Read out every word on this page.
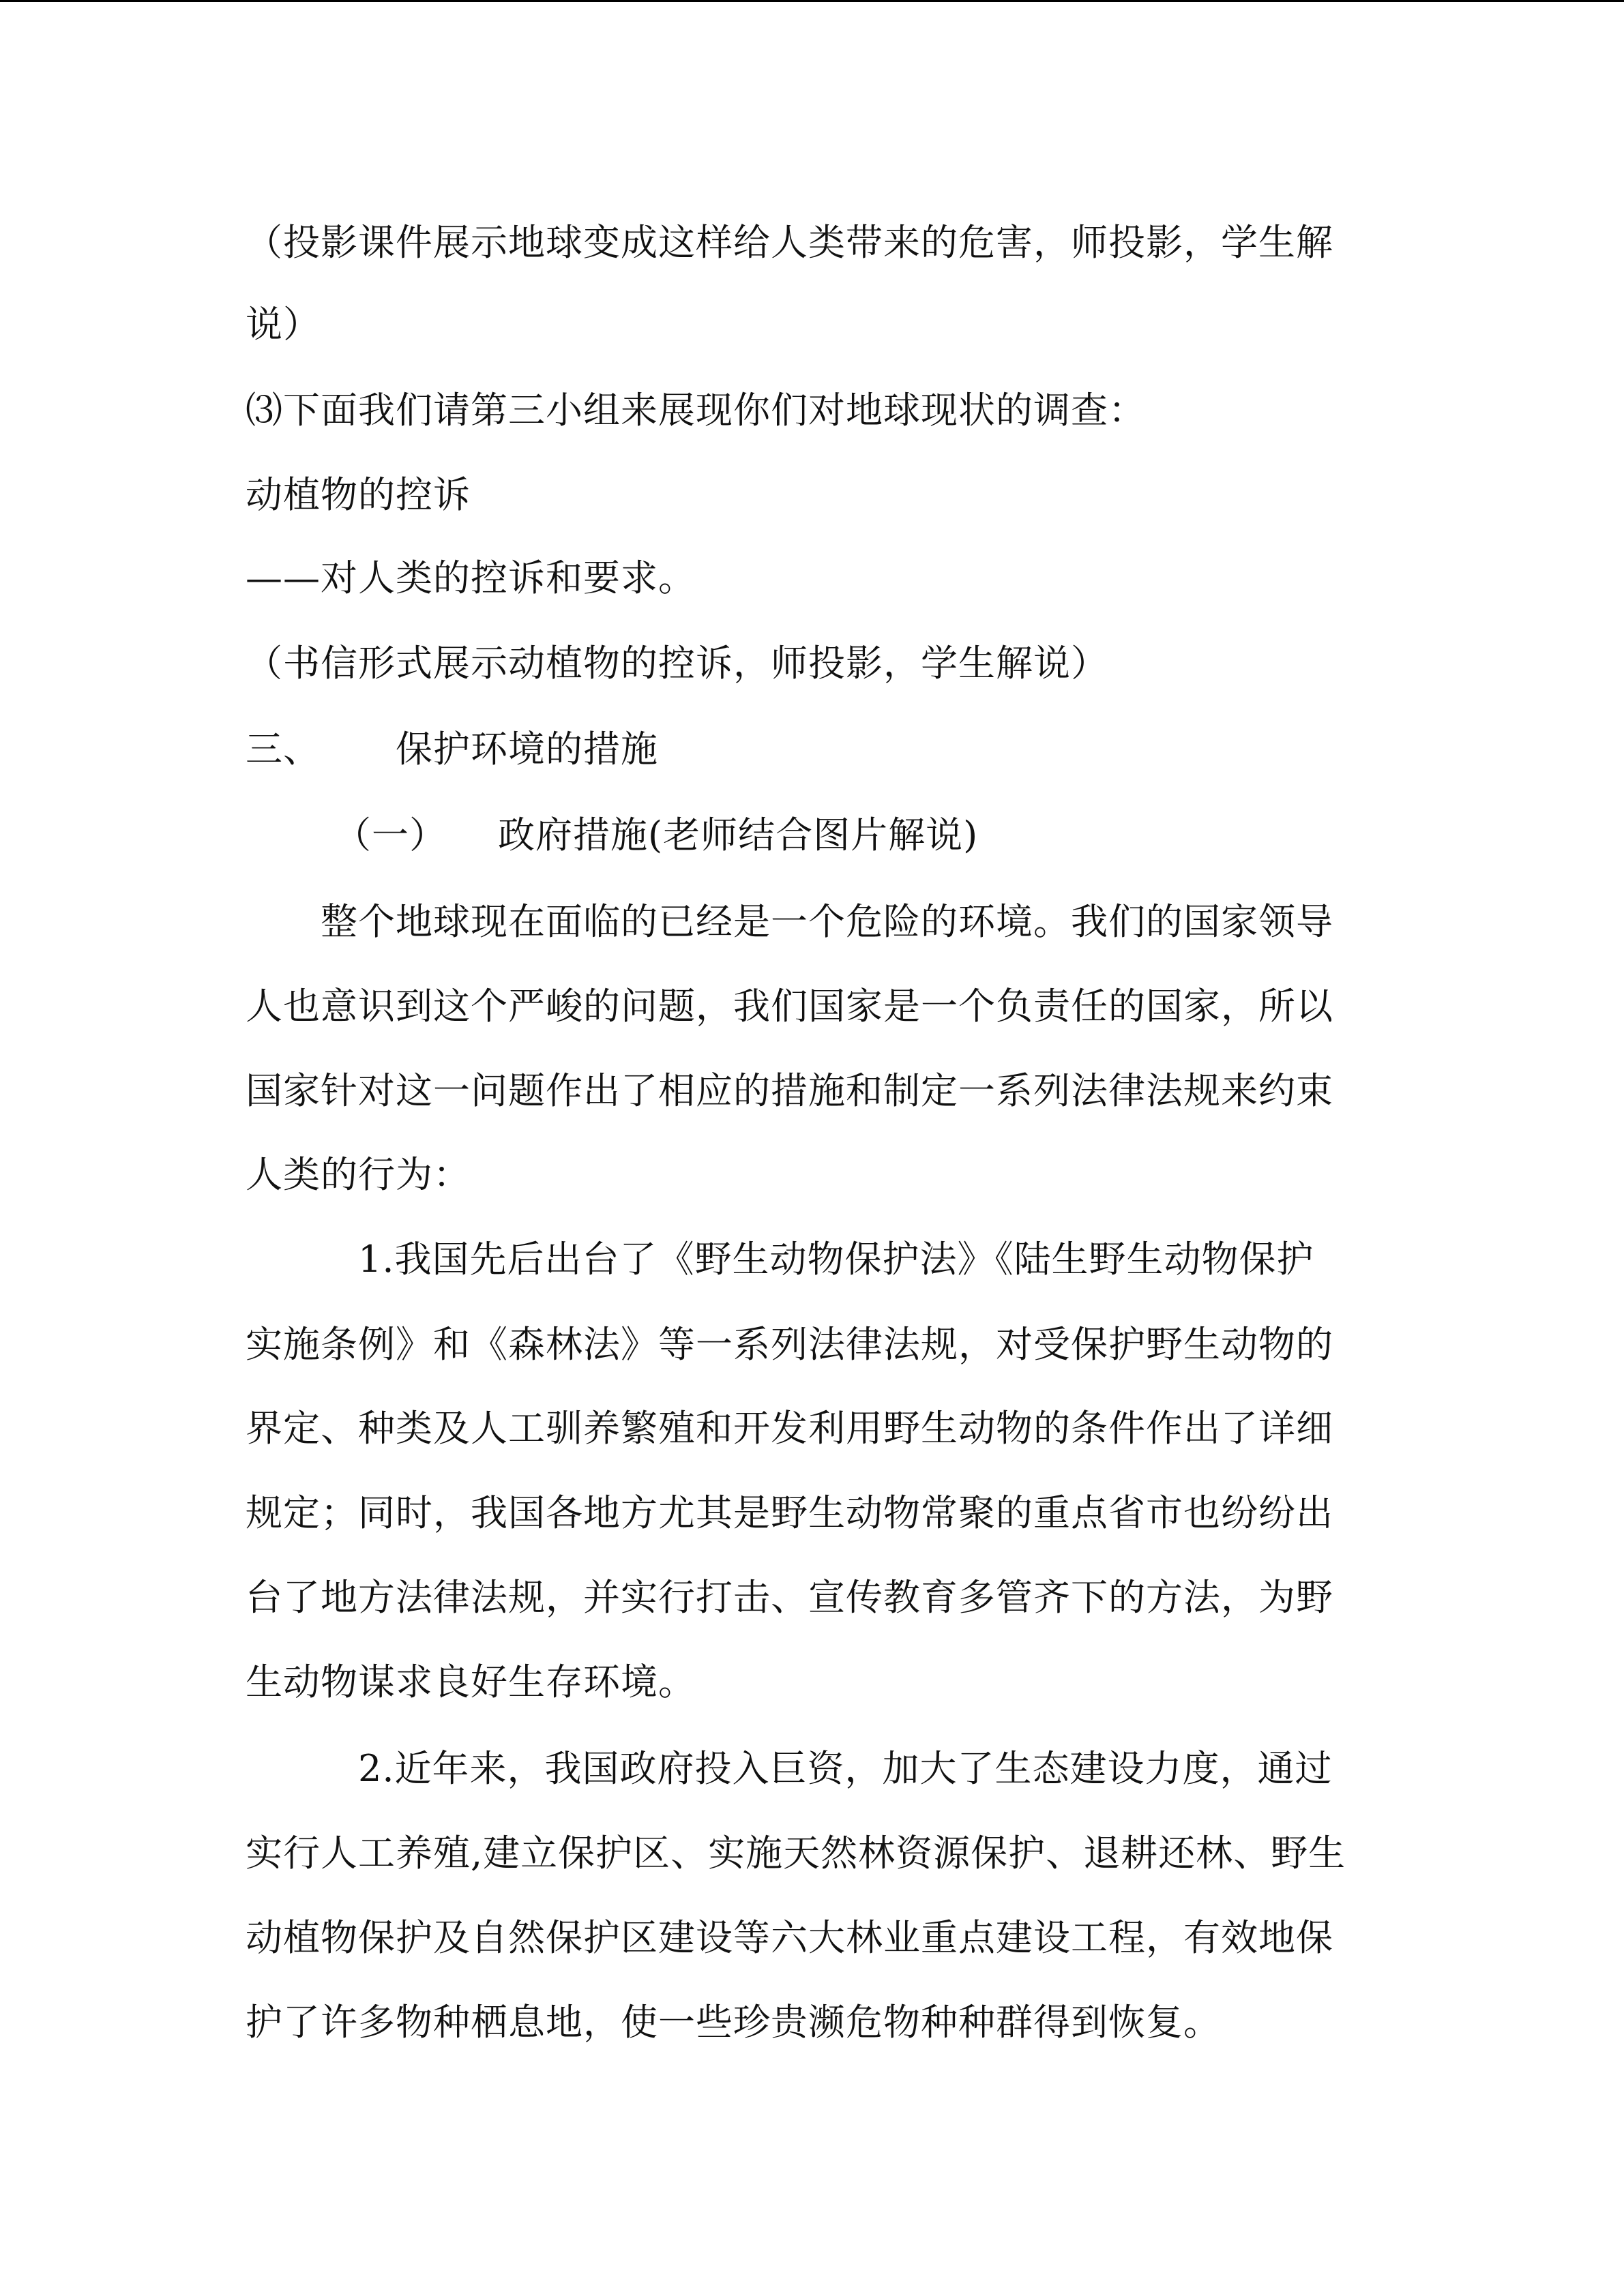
（投影课件展示地球变成这样给人类带来的危害，师投影，学生解
说）
⑶下面我们请第三小组来展现你们对地球现状的调查：
动植物的控诉
——对人类的控诉和要求。
（书信形式展示动植物的控诉，师投影，学生解说）
三、 保护环境的措施
（一） 政府措施(老师结合图片解说)
整个地球现在面临的已经是一个危险的环境。我们的国家领导
人也意识到这个严峻的问题，我们国家是一个负责任的国家，所以
国家针对这一问题作出了相应的措施和制定一系列法律法规来约束
人类的行为：
1.我国先后出台了《野生动物保护法》《陆生野生动物保护
实施条例》和《森林法》等一系列法律法规，对受保护野生动物的
界定、种类及人工驯养繁殖和开发利用野生动物的条件作出了详细
规定；同时，我国各地方尤其是野生动物常聚的重点省市也纷纷出
台了地方法律法规，并实行打击、宣传教育多管齐下的方法，为野
生动物谋求良好生存环境。
2.近年来，我国政府投入巨资，加大了生态建设力度，通过
实行人工养殖,建立保护区、实施天然林资源保护、退耕还林、野生
动植物保护及自然保护区建设等六大林业重点建设工程，有效地保
护了许多物种栖息地，使一些珍贵濒危物种种群得到恢复。
